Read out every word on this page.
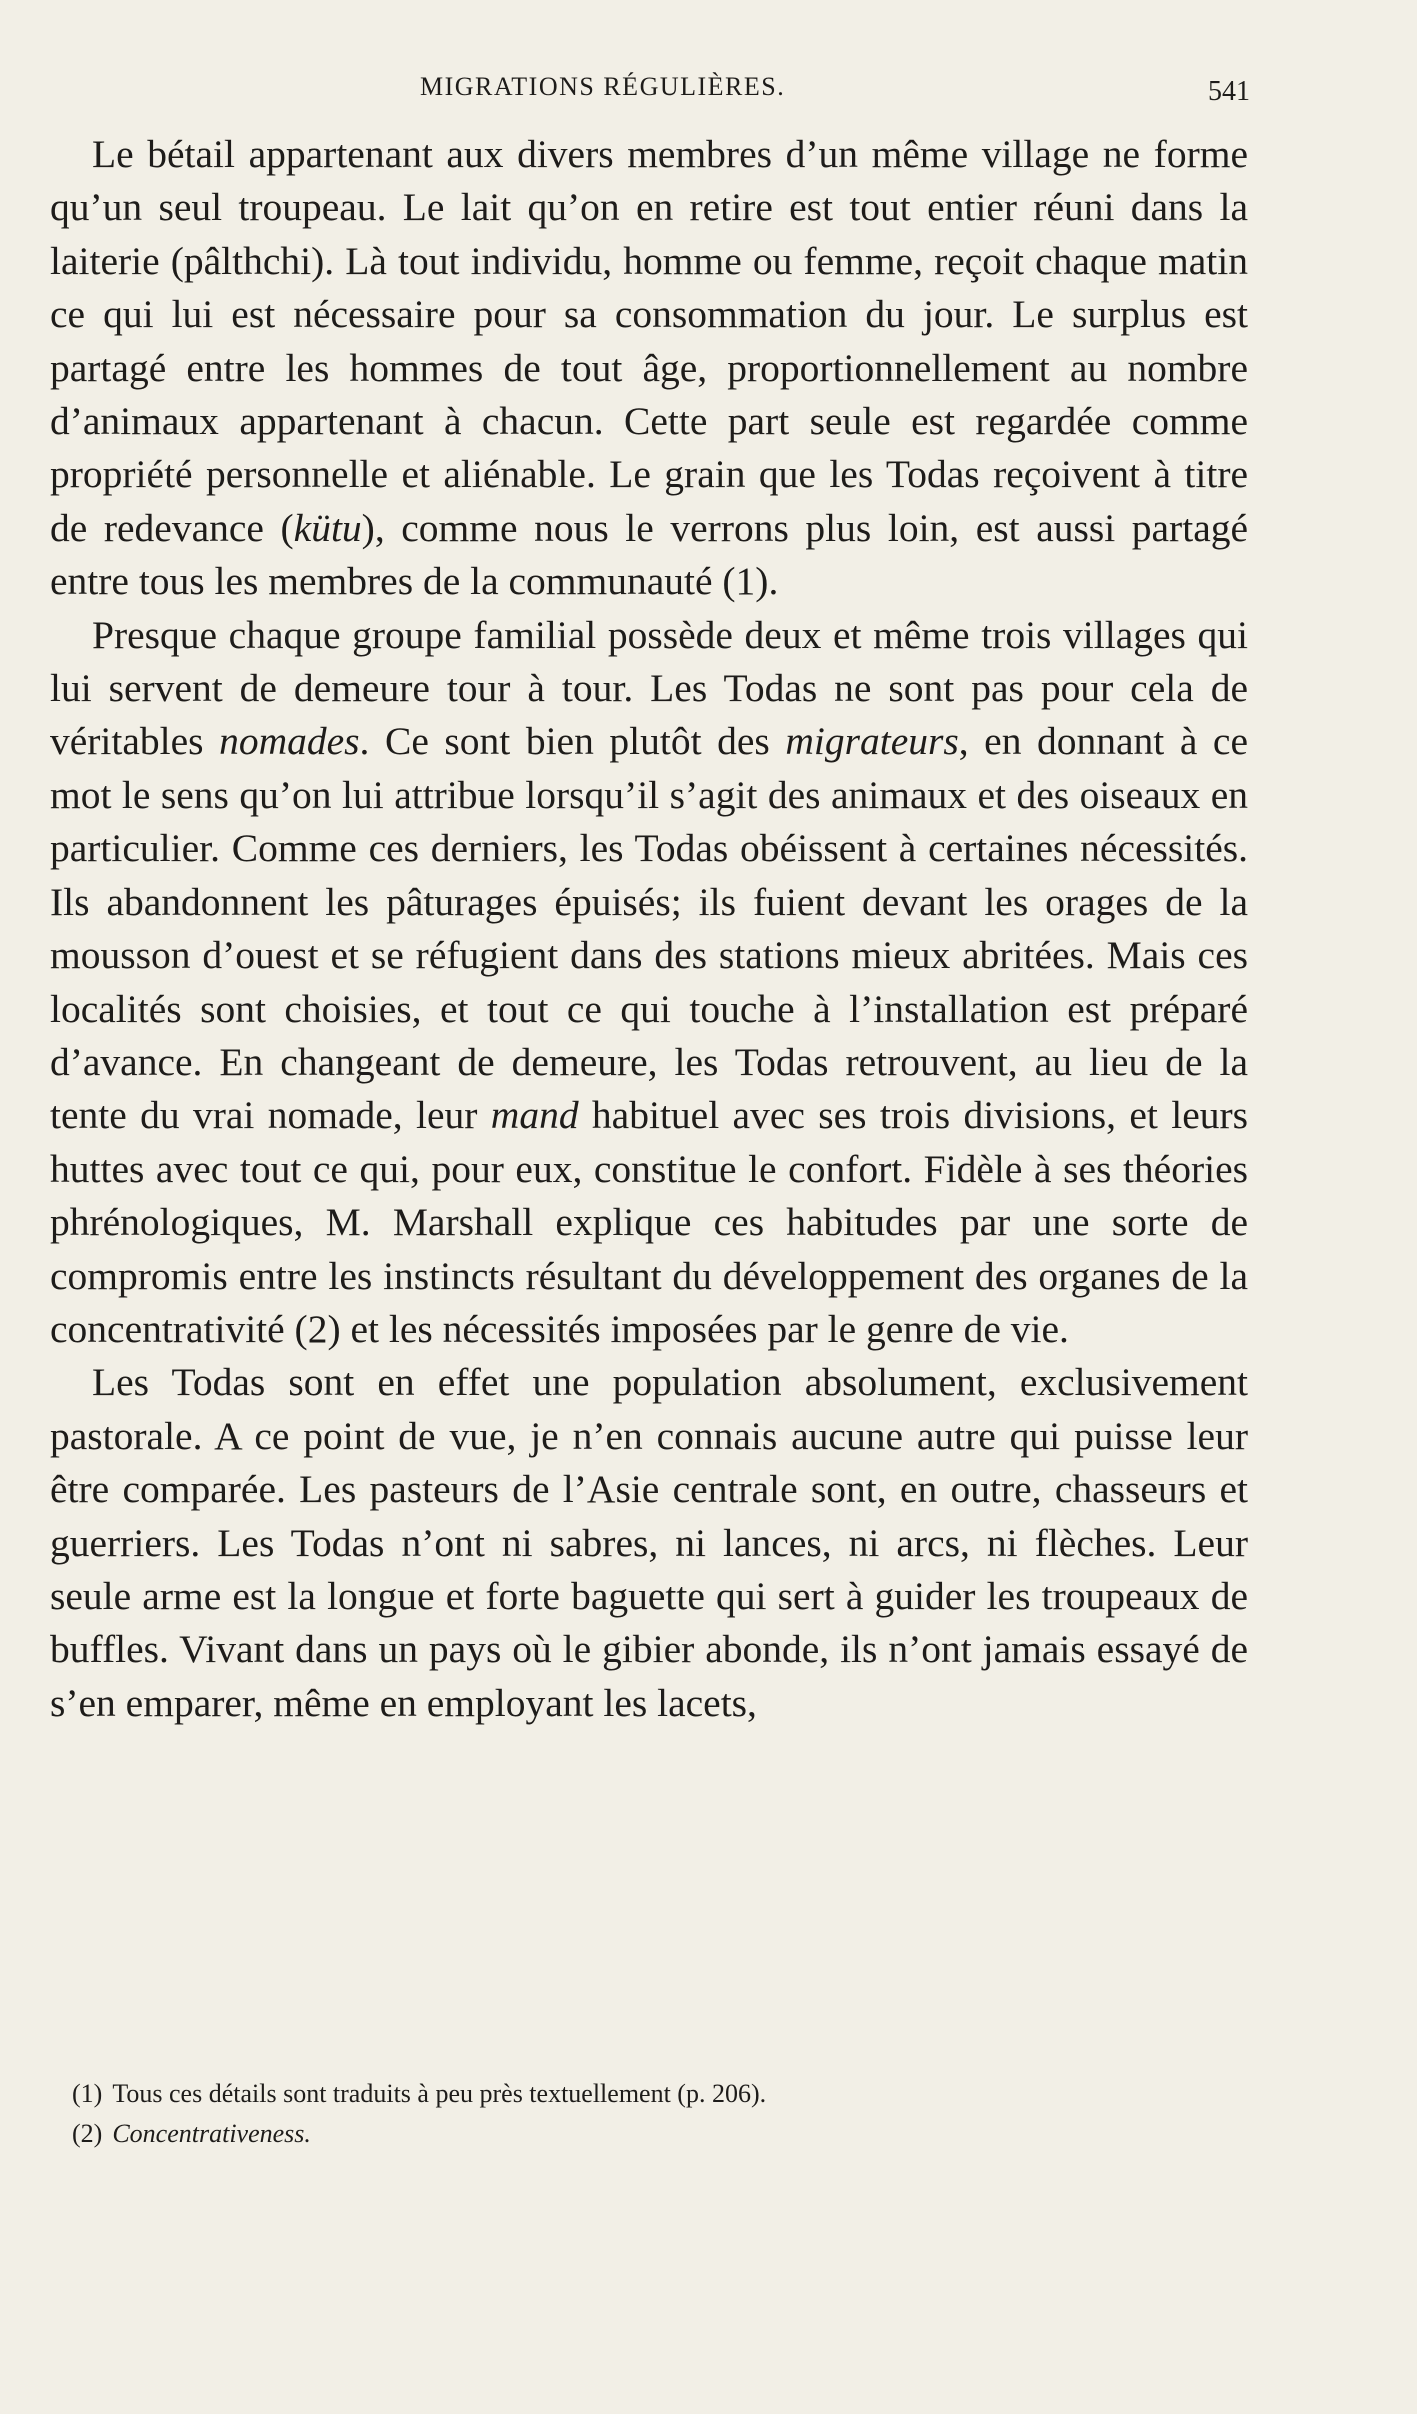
MIGRATIONS RÉGULIÈRES.	541

Le bétail appartenant aux divers membres d’un même village ne forme qu’un seul troupeau. Le lait qu’on en retire est tout entier réuni dans la laiterie (pâlthchi). Là tout individu, homme ou femme, reçoit chaque matin ce qui lui est nécessaire pour sa consommation du jour. Le surplus est partagé entre les hommes de tout âge, proportionnellement au nombre d’animaux appartenant à chacun. Cette part seule est regardée comme propriété personnelle et aliénable. Le grain que les Todas reçoivent à titre de redevance (kütu), comme nous le verrons plus loin, est aussi partagé entre tous les membres de la communauté (1).

Presque chaque groupe familial possède deux et même trois villages qui lui servent de demeure tour à tour. Les Todas ne sont pas pour cela de véritables nomades. Ce sont bien plutôt des migrateurs, en donnant à ce mot le sens qu’on lui attribue lorsqu’il s’agit des animaux et des oiseaux en particulier. Comme ces derniers, les Todas obéissent à certaines nécessités. Ils abandonnent les pâturages épuisés; ils fuient devant les orages de la mousson d’ouest et se réfugient dans des stations mieux abritées. Mais ces localités sont choisies, et tout ce qui touche à l’installation est préparé d’avance. En changeant de demeure, les Todas retrouvent, au lieu de la tente du vrai nomade, leur mand habituel avec ses trois divisions, et leurs huttes avec tout ce qui, pour eux, constitue le confort. Fidèle à ses théories phrénologiques, M. Marshall explique ces habitudes par une sorte de compromis entre les instincts résultant du développement des organes de la concentrativité (2) et les nécessités imposées par le genre de vie.

Les Todas sont en effet une population absolument, exclusivement pastorale. A ce point de vue, je n’en connais aucune autre qui puisse leur être comparée. Les pasteurs de l’Asie centrale sont, en outre, chasseurs et guerriers. Les Todas n’ont ni sabres, ni lances, ni arcs, ni flèches. Leur seule arme est la longue et forte baguette qui sert à guider les troupeaux de buffles. Vivant dans un pays où le gibier abonde, ils n’ont jamais essayé de s’en emparer, même en employant les lacets,

(1) Tous ces détails sont traduits à peu près textuellement (p. 206).
(2) Concentrativeness.
